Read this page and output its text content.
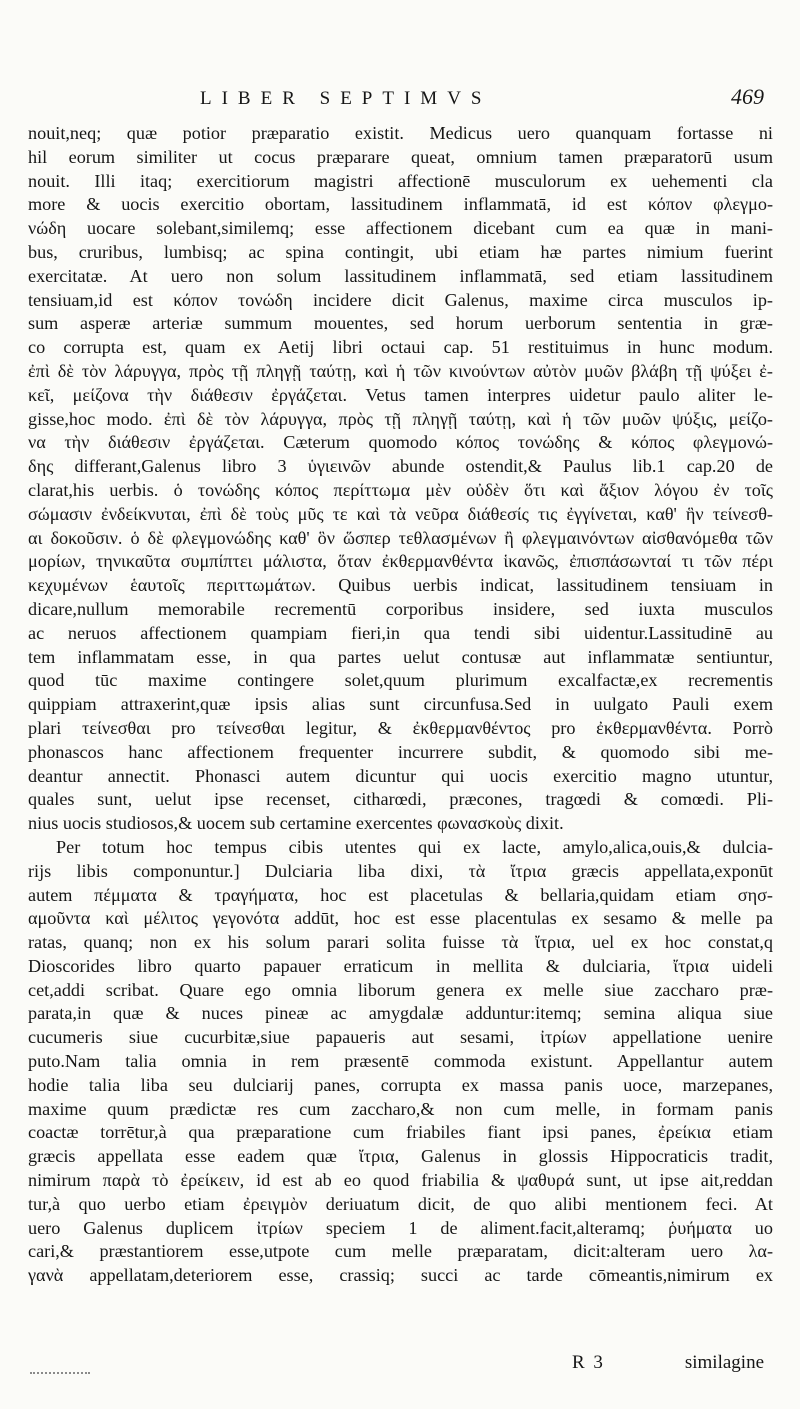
LIBER SEPTIMVS	469
nouit,neq; quæ potior præparatio existit. Medicus uero quanquam fortasse ni
hil eorum similiter ut cocus præparare queat, omnium tamen præparatorū usum
nouit. Illi itaq; exercitiorum magistri affectionē musculorum ex uehementi cla
more & uocis exercitio obortam, lassitudinem inflammatā, id est κόπον φλεγμο-
νώδη uocare solebant,similemq; esse affectionem dicebant cum ea quæ in mani-
bus, cruribus, lumbisq; ac spina contingit, ubi etiam hæ partes nimium fuerint
exercitatæ. At uero non solum lassitudinem inflammatā, sed etiam lassitudinem
tensiuam,id est κόπον τονώδη incidere dicit Galenus, maxime circa musculos ip-
sum asperæ arteriæ summum mouentes, sed horum uerborum sententia in græ-
co corrupta est, quam ex Aetij libri octaui cap. 51 restituimus in hunc modum.
ἐπὶ δὲ τὸν λάρυγγα, πρὸς τῇ πληγῇ ταύτῃ, καὶ ἡ τῶν κινούντων αὐτὸν μυῶν βλάβη τῇ ψύξει ἐ-
κεῖ, μείζονα τὴν διάθεσιν ἐργάζεται. Vetus tamen interpres uidetur paulo aliter le-
gisse,hoc modo. ἐπὶ δὲ τὸν λάρυγγα, πρὸς τῇ πληγῇ ταύτῃ, καὶ ἡ τῶν μυῶν ψύξις, μείζο-
να τὴν διάθεσιν ἐργάζεται. Cæterum quomodo κόπος τονώδης & κόπος φλεγμονώ-
δης differant,Galenus libro 3 ὑγιεινῶν abunde ostendit,& Paulus lib.1 cap.20 de
clarat,his uerbis. ὁ τονώδης κόπος περίττωμα μὲν οὐδὲν ὅτι καὶ ἄξιον λόγου ἐν τοῖς
σώμασιν ἐνδείκνυται, ἐπὶ δὲ τοὺς μῦς τε καὶ τὰ νεῦρα διάθεσίς τις ἐγγίνεται, καθ' ἣν τείνεσθ-
αι δοκοῦσιν. ὁ δὲ φλεγμονώδης καθ' ὃν ὥσπερ τεθλασμένων ἢ φλεγμαινόντων αἰσθανόμεθα τῶν
μορίων, τηνικαῦτα συμπίπτει μάλιστα, ὅταν ἐκθερμανθέντα ἱκανῶς, ἐπισπάσωνταί τι τῶν πέρι
κεχυμένων ἑαυτοῖς περιττωμάτων. Quibus uerbis indicat, lassitudinem tensiuam in
dicare,nullum memorabile recrementū corporibus insidere, sed iuxta musculos
ac neruos affectionem quampiam fieri,in qua tendi sibi uidentur.Lassitudinē au
tem inflammatam esse, in qua partes uelut contusæ aut inflammatæ sentiuntur,
quod tūc maxime contingere solet,quum plurimum excalfactæ,ex recrementis
quippiam attraxerint,quæ ipsis alias sunt circunfusa.Sed in uulgato Pauli exem
plari τείνεσθαι pro τείνεσθαι legitur, & ἐκθερμανθέντος pro ἐκθερμανθέντα. Porrò
phonascos hanc affectionem frequenter incurrere subdit, & quomodo sibi me-
deantur annectit. Phonasci autem dicuntur qui uocis exercitio magno utuntur,
quales sunt, uelut ipse recenset, citharœdi, præcones, tragœdi & comœdi. Pli-
nius uocis studiosos,& uocem sub certamine exercentes φωνασκοὺς dixit.
Per totum hoc tempus cibis utentes qui ex lacte, amylo,alica,ouis,& dulcia-
rijs libis componuntur.] Dulciaria liba dixi, τὰ ἴτρια græcis appellata,exponūt
autem πέμματα & τραγήματα, hoc est placetulas & bellaria,quidam etiam σησ-
αμοῦντα καὶ μέλιτος γεγονότα addūt, hoc est esse placentulas ex sesamo & melle pa
ratas, quanq; non ex his solum parari solita fuisse τὰ ἴτρια, uel ex hoc constat,q
Dioscorides libro quarto papauer erraticum in mellita & dulciaria, ἴτρια uideli
cet,addi scribat. Quare ego omnia liborum genera ex melle siue zaccharo præ-
parata,in quæ & nuces pineæ ac amygdalæ adduntur:itemq; semina aliqua siue
cucumeris siue cucurbitæ,siue papaueris aut sesami, ἰτρίων appellatione uenire
puto.Nam talia omnia in rem præsentē commoda existunt. Appellantur autem
hodie talia liba seu dulciarij panes, corrupta ex massa panis uoce, marzepanes,
maxime quum prædictæ res cum zaccharo,& non cum melle, in formam panis
coactæ torrētur,à qua præparatione cum friabiles fiant ipsi panes, ἐρείκια etiam
græcis appellata esse eadem quæ ἴτρια, Galenus in glossis Hippocraticis tradit,
nimirum παρὰ τὸ ἐρείκειν, id est ab eo quod friabilia & ψαθυρά sunt, ut ipse ait,reddan
tur,à quo uerbo etiam ἐρειγμὸν deriuatum dicit, de quo alibi mentionem feci. At
uero Galenus duplicem ἰτρίων speciem 1 de aliment.facit,alteramq; ῥυήματα uo
cari,& præstantiorem esse,utpote cum melle præparatam, dicit:alteram uero λα-
γανὰ appellatam,deteriorem esse, crassiq; succi ac tarde cōmeantis,nimirum ex
R 3	similagine
